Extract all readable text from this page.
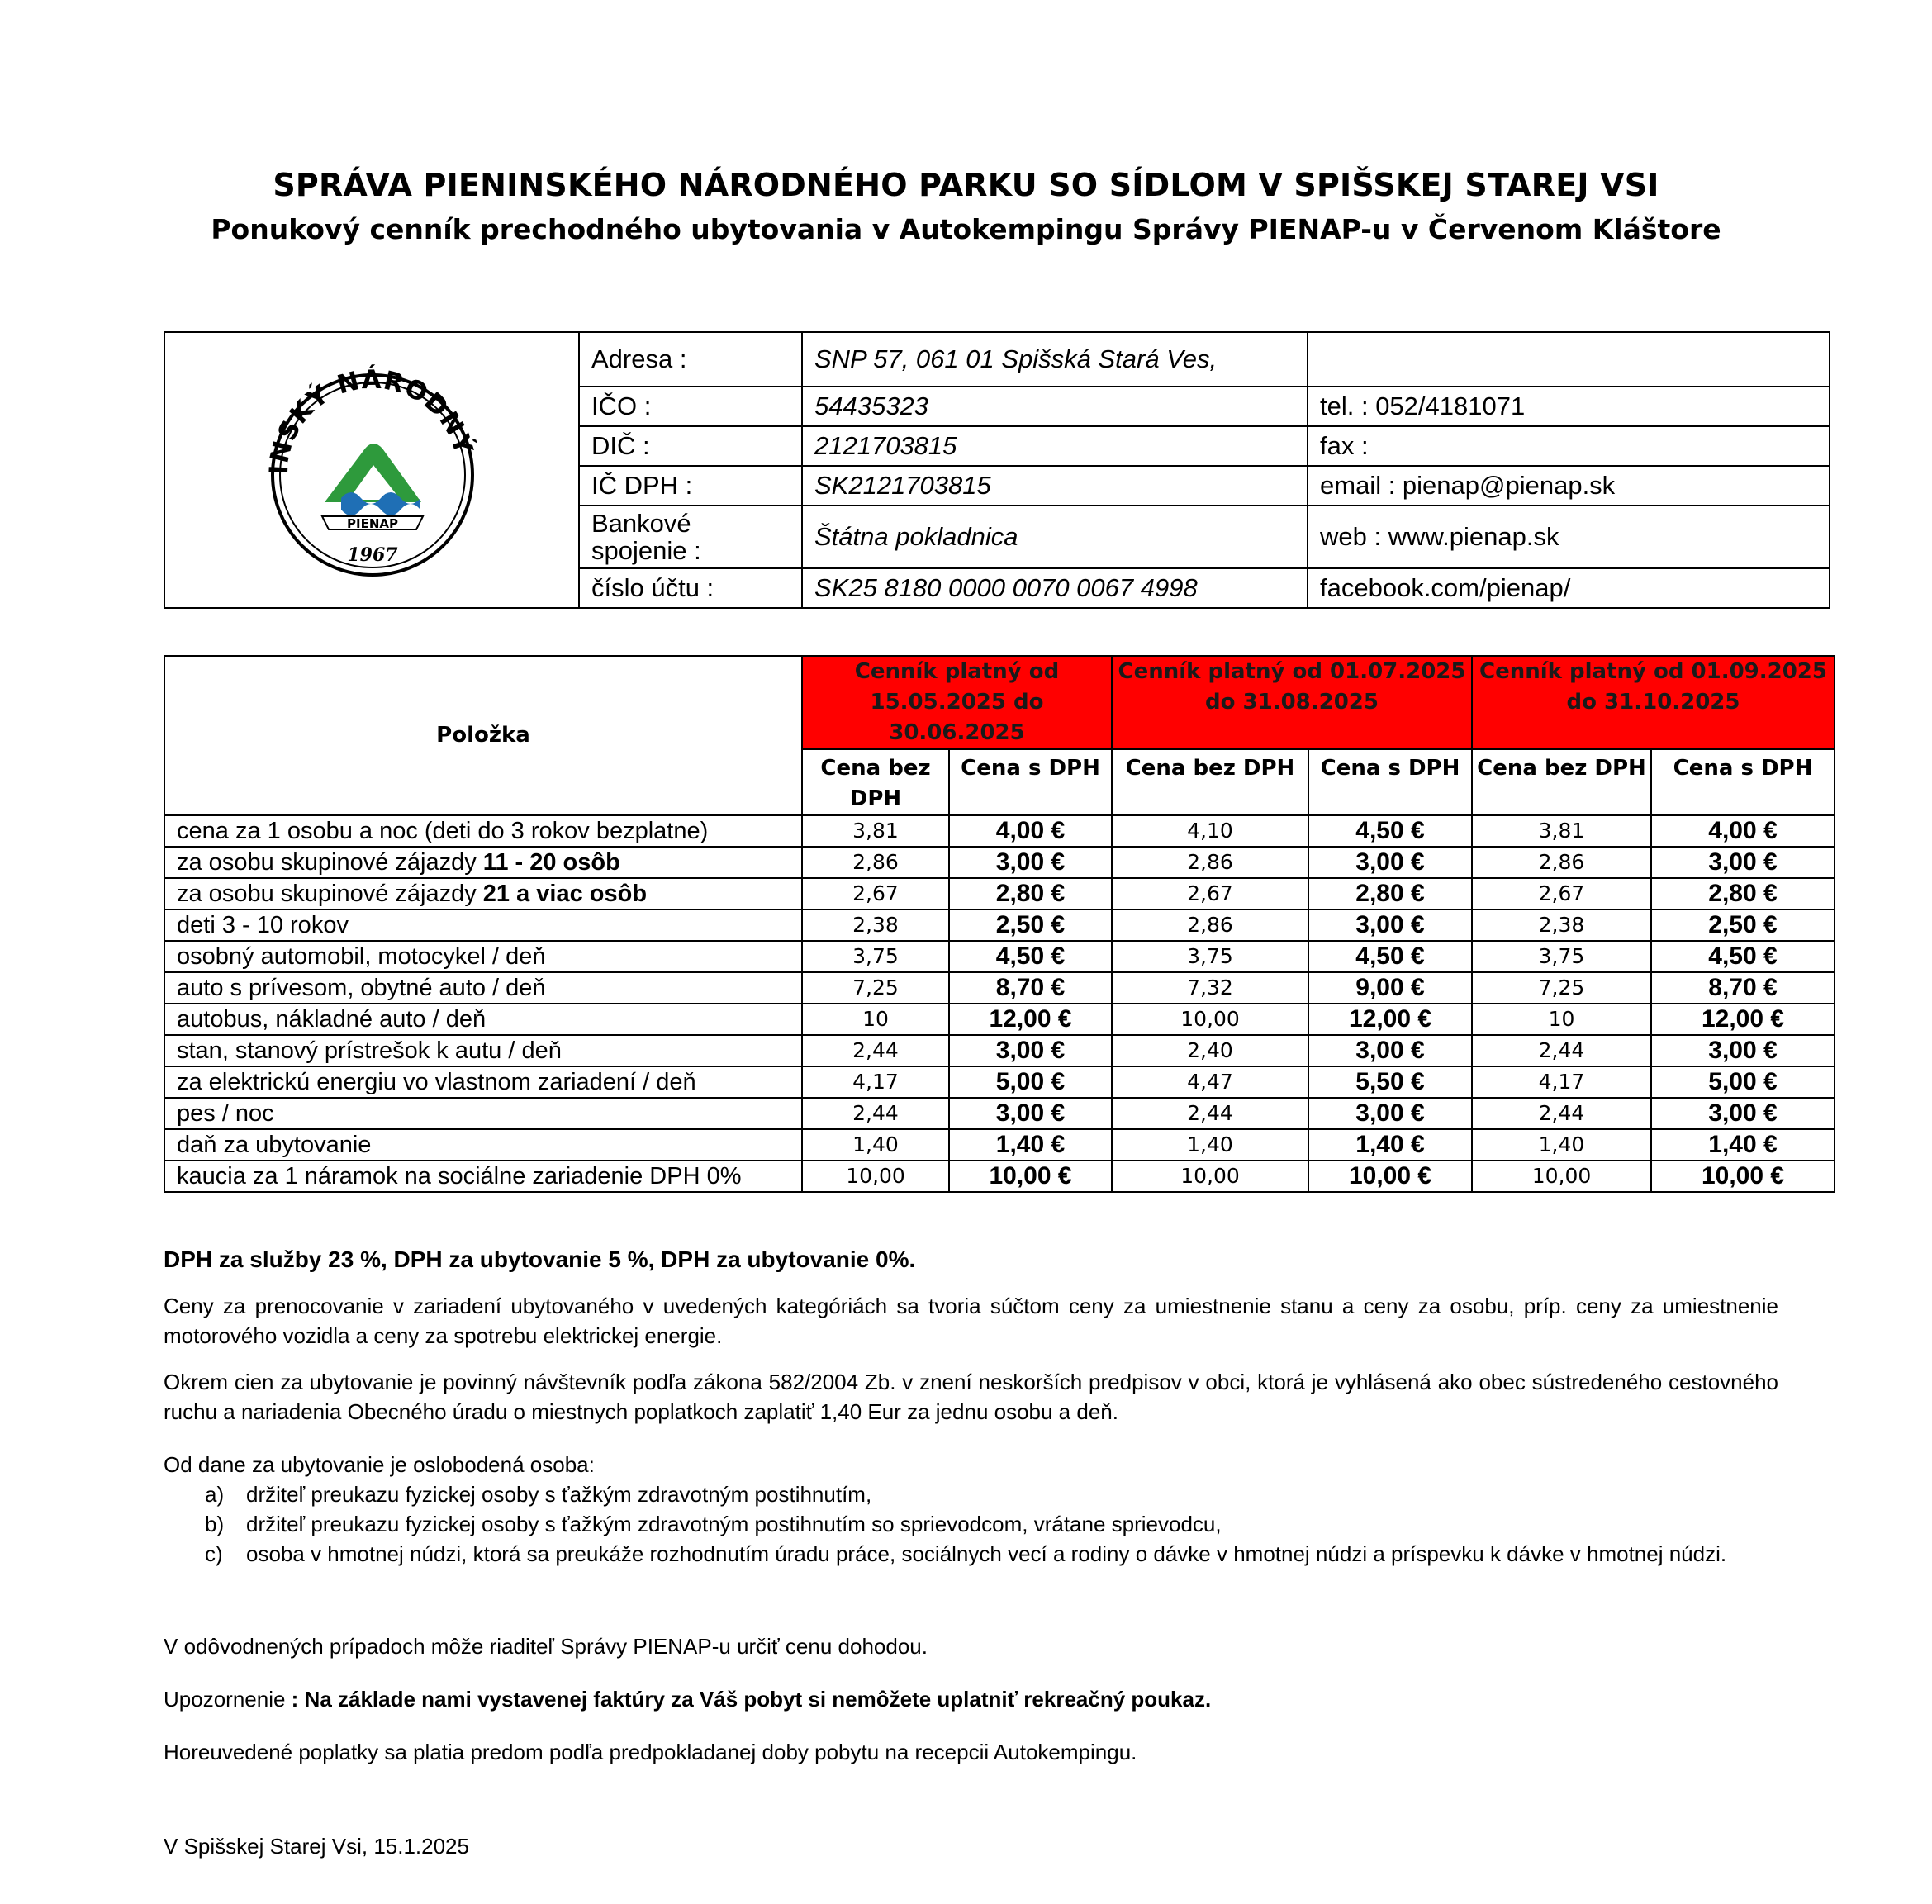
SPRÁVA PIENINSKÉHO NÁRODNÉHO PARKU SO SÍDLOM V SPIŠSKEJ STAREJ VSI
Ponukový cenník prechodného ubytovania v Autokempingu Správy PIENAP-u v Červenom Kláštore
INSKÝ NÁRODNÝ
PIENAP
1967	Adresa :	SNP 57, 061 01 Spišská Stará Ves,	
	IČO :	54435323	tel. : 052/4181071
	DIČ :	2121703815	fax :
	IČ DPH :	SK2121703815	email : pienap@pienap.sk
	Bankové spojenie :	Štátna pokladnica	web : www.pienap.sk
	číslo účtu :	SK25 8180 0000 0070 0067 4998	facebook.com/pienap/
Položka	Cenník platný od 15.05.2025 do 30.06.2025		Cenník platný od 01.07.2025 do 31.08.2025		Cenník platný od 01.09.2025 do 31.10.2025	
	Cena bez DPH	Cena s DPH	Cena bez DPH	Cena s DPH	Cena bez DPH	Cena s DPH
cena za 1 osobu a noc (deti do 3 rokov bezplatne)	3,81	4,00 €	4,10	4,50 €	3,81	4,00 €
za osobu skupinové zájazdy 11 - 20 osôb	2,86	3,00 €	2,86	3,00 €	2,86	3,00 €
za osobu skupinové zájazdy 21 a viac osôb	2,67	2,80 €	2,67	2,80 €	2,67	2,80 €
deti 3 - 10 rokov	2,38	2,50 €	2,86	3,00 €	2,38	2,50 €
osobný automobil, motocykel / deň	3,75	4,50 €	3,75	4,50 €	3,75	4,50 €
auto s prívesom, obytné auto / deň	7,25	8,70 €	7,32	9,00 €	7,25	8,70 €
autobus, nákladné auto / deň	10	12,00 €	10,00	12,00 €	10	12,00 €
stan, stanový prístrešok k autu / deň	2,44	3,00 €	2,40	3,00 €	2,44	3,00 €
za elektrickú energiu vo vlastnom zariadení / deň	4,17	5,00 €	4,47	5,50 €	4,17	5,00 €
pes / noc	2,44	3,00 €	2,44	3,00 €	2,44	3,00 €
daň za ubytovanie	1,40	1,40 €	1,40	1,40 €	1,40	1,40 €
kaucia za 1 náramok na sociálne zariadenie DPH 0%	10,00	10,00 €	10,00	10,00 €	10,00	10,00 €
DPH za služby 23 %, DPH za ubytovanie 5 %, DPH za ubytovanie 0%.
Ceny za prenocovanie v zariadení ubytovaného v uvedených kategóriách sa tvoria súčtom ceny za umiestnenie stanu a ceny za osobu, príp. ceny za umiestnenie motorového vozidla a ceny za spotrebu elektrickej energie.
Okrem cien za ubytovanie je povinný návštevník podľa zákona 582/2004 Zb. v znení neskorších predpisov v obci, ktorá je vyhlásená ako obec sústredeného cestovného ruchu a nariadenia Obecného úradu o miestnych poplatkoch zaplatiť 1,40 Eur za jednu osobu a deň.
Od dane za ubytovanie je oslobodená osoba:
a) držiteľ preukazu fyzickej osoby s ťažkým zdravotným postihnutím,
b) držiteľ preukazu fyzickej osoby s ťažkým zdravotným postihnutím so sprievodcom, vrátane sprievodcu,
c) osoba v hmotnej núdzi, ktorá sa preukáže rozhodnutím úradu práce, sociálnych vecí a rodiny o dávke v hmotnej núdzi a príspevku k dávke v hmotnej núdzi.
V odôvodnených prípadoch môže riaditeľ Správy PIENAP-u určiť cenu dohodou.
Upozornenie : Na základe nami vystavenej faktúry za Váš pobyt si nemôžete uplatniť rekreačný poukaz.
Horeuvedené poplatky sa platia predom podľa predpokladanej doby pobytu na recepcii Autokempingu.
V Spišskej Starej Vsi, 15.1.2025
